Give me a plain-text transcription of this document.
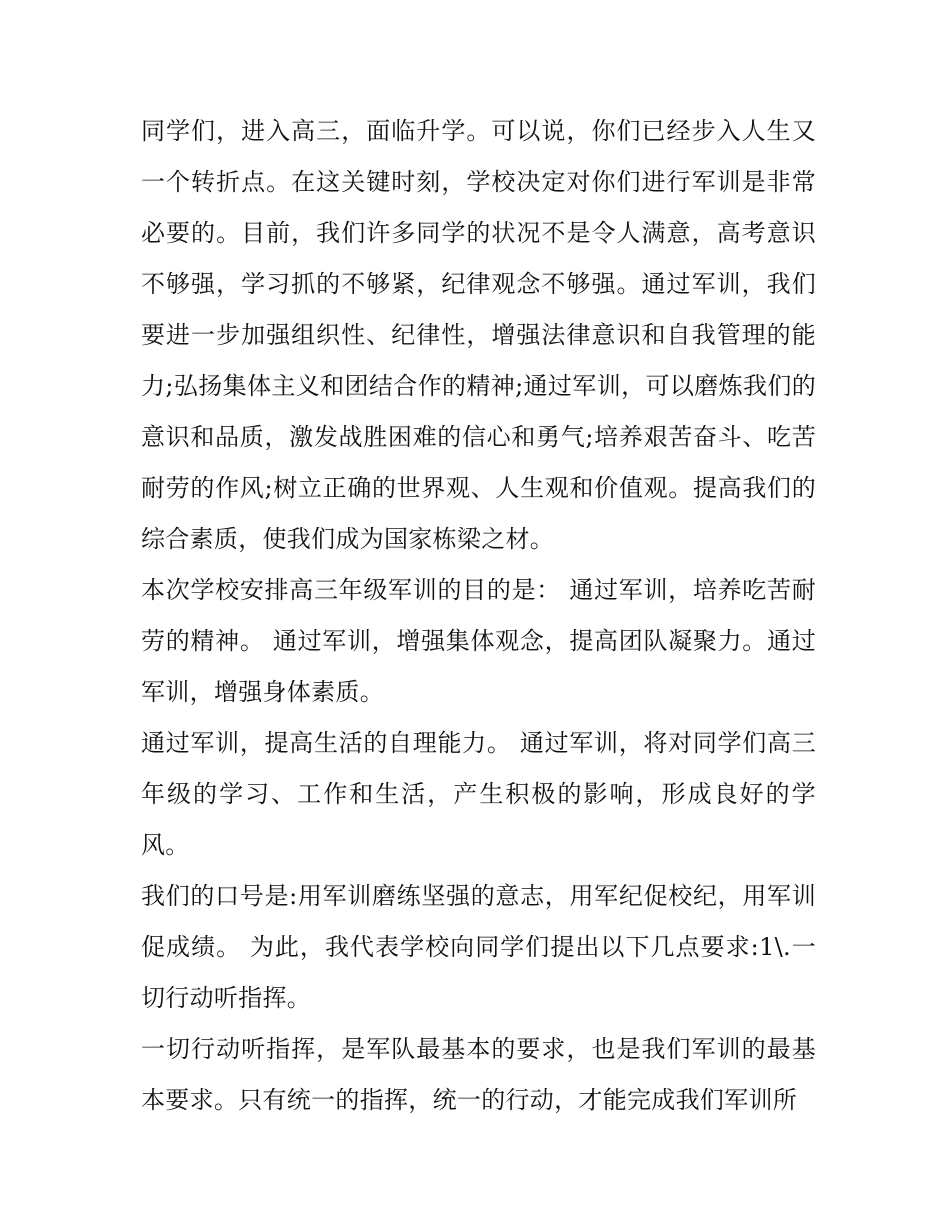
同学们，进入高三，面临升学。可以说，你们已经步入人生又一个转折点。在这关键时刻，学校决定对你们进行军训是非常必要的。目前，我们许多同学的状况不是令人满意，高考意识不够强，学习抓的不够紧，纪律观念不够强。通过军训，我们要进一步加强组织性、纪律性，增强法律意识和自我管理的能力;弘扬集体主义和团结合作的精神;通过军训，可以磨炼我们的意识和品质，激发战胜困难的信心和勇气;培养艰苦奋斗、吃苦耐劳的作风;树立正确的世界观、人生观和价值观。提高我们的综合素质，使我们成为国家栋梁之材。

本次学校安排高三年级军训的目的是： 通过军训，培养吃苦耐劳的精神。 通过军训，增强集体观念，提高团队凝聚力。通过军训，增强身体素质。

通过军训，提高生活的自理能力。 通过军训，将对同学们高三年级的学习、工作和生活，产生积极的影响，形成良好的学风。

我们的口号是:用军训磨练坚强的意志，用军纪促校纪，用军训促成绩。 为此，我代表学校向同学们提出以下几点要求:1\.一切行动听指挥。

一切行动听指挥，是军队最基本的要求，也是我们军训的最基本要求。只有统一的指挥，统一的行动，才能完成我们军训所
